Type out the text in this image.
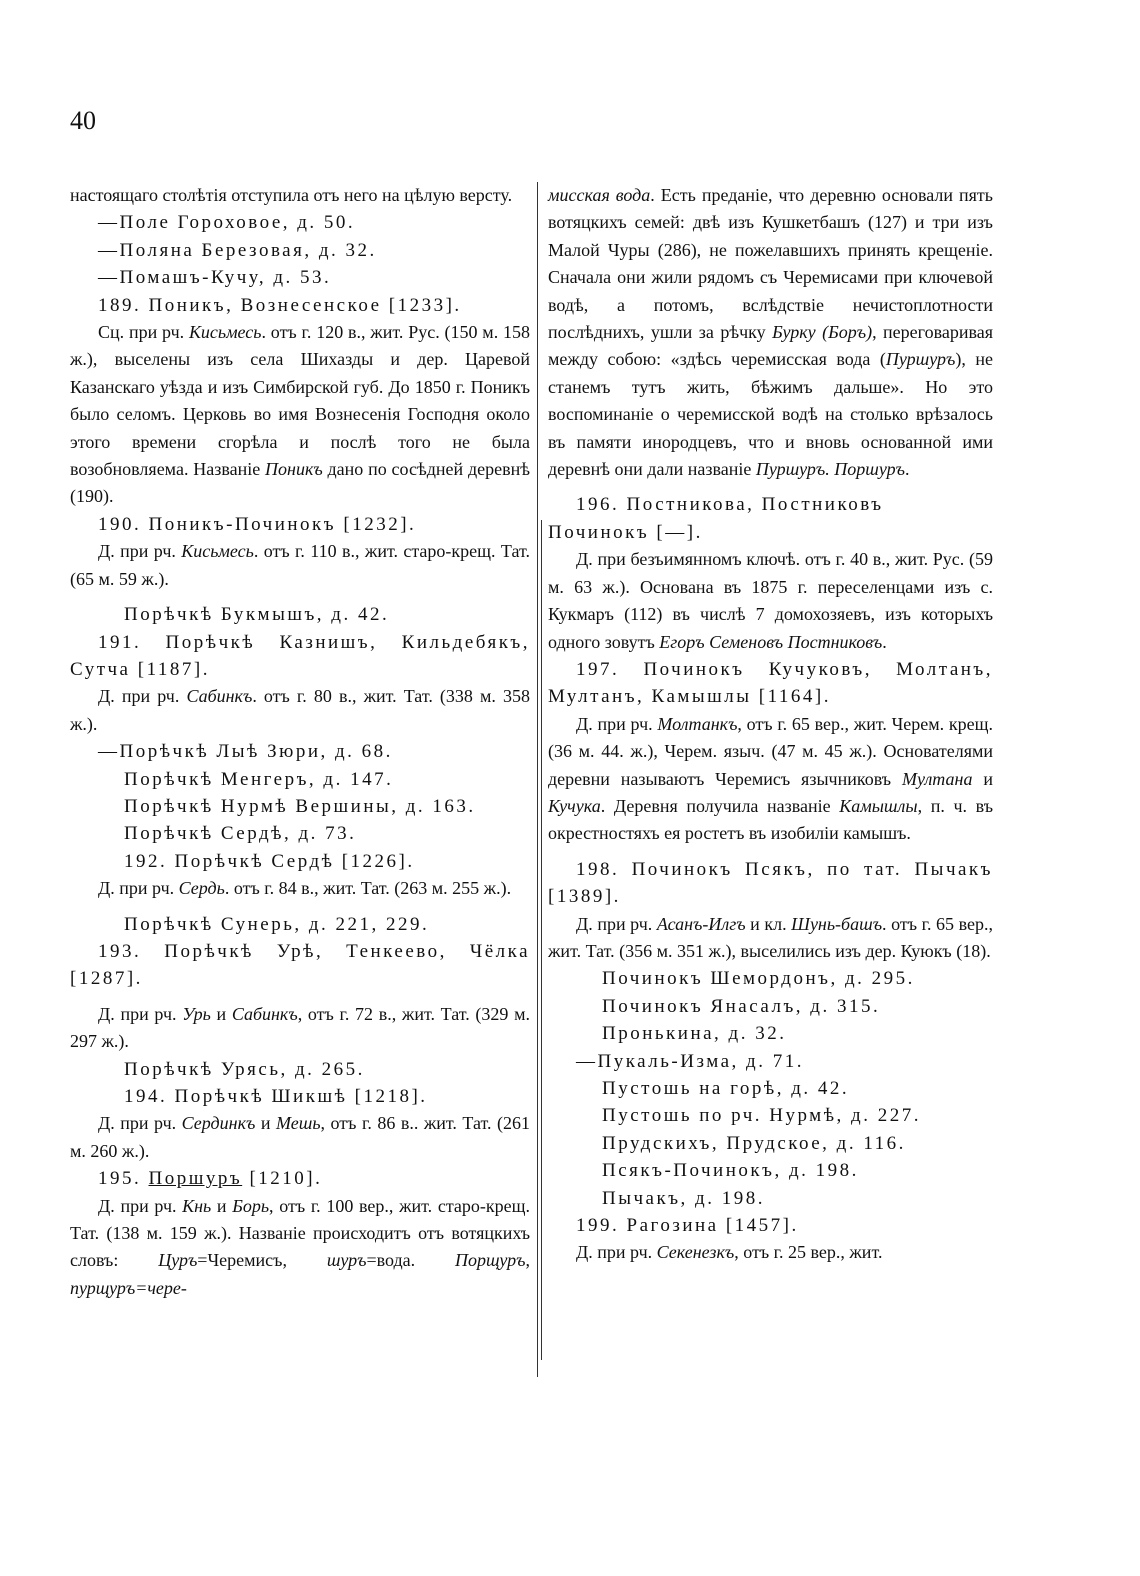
40

настоящаго столѣтія отступила отъ него на цѣлую версту.

—Поле Гороховое, д. 50.

—Поляна Березовая, д. 32.

—Помашъ-Кучу, д. 53.

189. Поникъ, Вознесенское [1233].

Сц. при рч. Кисьмесь. отъ г. 120 в., жит. Рус. (150 м. 158 ж.), выселены изъ села Шихазды и дер. Царевой Казанскаго уѣзда и изъ Симбирской губ. До 1850 г. Поникъ было селомъ. Церковь во имя Вознесенія Господня около этого времени сгорѣла и послѣ того не была возобновляема. Названіе Поникъ дано по сосѣдней деревнѣ (190).

190. Поникъ-Починокъ [1232].

Д. при рч. Кисьмесь. отъ г. 110 в., жит. старо-крещ. Тат. (65 м. 59 ж.).

Порѣчкѣ Букмышъ, д. 42.

191. Порѣчкѣ Казнишъ, Кильдебякъ, Сутча [1187].

Д. при рч. Сабинкъ. отъ г. 80 в., жит. Тат. (338 м. 358 ж.).

—Порѣчкѣ Лыѣ Зюри, д. 68.

Порѣчкѣ Менгеръ, д. 147.

Порѣчкѣ Нурмѣ Вершины, д. 163.

Порѣчкѣ Сердѣ, д. 73.

192. Порѣчкѣ Сердѣ [1226].

Д. при рч. Сердь. отъ г. 84 в., жит. Тат. (263 м. 255 ж.).

Порѣчкѣ Сунерь, д. 221, 229.

193. Порѣчкѣ Урѣ, Тенкеево, Чёлка [1287].

Д. при рч. Урь и Сабинкъ, отъ г. 72 в., жит. Тат. (329 м. 297 ж.).

Порѣчкѣ Урясь, д. 265.

194. Порѣчкѣ Шикшѣ [1218].

Д. при рч. Сердинкъ и Мешь, отъ г. 86 в.. жит. Тат. (261 м. 260 ж.).

195. Поршуръ [1210].

Д. при рч. Кнь и Борь, отъ г. 100 вер., жит. старо-крещ. Тат. (138 м. 159 ж.). Названіе происходитъ отъ вотяцкихъ словъ: Цуръ=Черемисъ, шуръ=вода. Порщуръ, пурщуръ=чере-

мисская вода. Есть преданіе, что деревню основали пять вотяцкихъ семей: двѣ изъ Кушкетбашъ (127) и три изъ Малой Чуры (286), не пожелавшихъ принять крещеніе. Сначала они жили рядомъ съ Черемисами при ключевой водѣ, а потомъ, вслѣдствіе нечистоплотности послѣднихъ, ушли за рѣчку Бурку (Боръ), переговаривая между собою: «здѣсь черемисская вода (Пуршуръ), не станемъ тутъ жить, бѣжимъ дальше». Но это воспоминаніе о черемисской водѣ на столько врѣзалось въ памяти инородцевъ, что и вновь основанной ими деревнѣ они дали названіе Пуршуръ. Поршуръ.

196. Постникова, Постниковъ

Починокъ [—].

Д. при безъимянномъ ключѣ. отъ г. 40 в., жит. Рус. (59 м. 63 ж.). Основана въ 1875 г. переселенцами изъ с. Кукмаръ (112) въ числѣ 7 домохозяевъ, изъ которыхъ одного зовутъ Егоръ Семеновъ Постниковъ.

197. Починокъ Кучуковъ, Молтанъ, Мултанъ, Камышлы [1164].

Д. при рч. Молтанкъ, отъ г. 65 вер., жит. Черем. крещ. (36 м. 44. ж.), Черем. языч. (47 м. 45 ж.). Основателями деревни называютъ Черемисъ язычниковъ Мултана и Кучука. Деревня получила названіе Камышлы, п. ч. въ окрестностяхъ ея ростетъ въ изобиліи камышъ.

198. Починокъ Псякъ, по тат. Пычакъ [1389].

Д. при рч. Асанъ-Илгъ и кл. Шунь-башъ. отъ г. 65 вер., жит. Тат. (356 м. 351 ж.), выселились изъ дер. Куюкъ (18).

Починокъ Шемордонъ, д. 295.

Починокъ Янасалъ, д. 315.

Пронькина, д. 32.

—Пукаль-Изма, д. 71.

Пустошь на горѣ, д. 42.

Пустошь по рч. Нурмѣ, д. 227.

Прудскихъ, Прудское, д. 116.

Псякъ-Починокъ, д. 198.

Пычакъ, д. 198.

199. Рагозина [1457].

Д. при рч. Секенезкъ, отъ г. 25 вер., жит.
